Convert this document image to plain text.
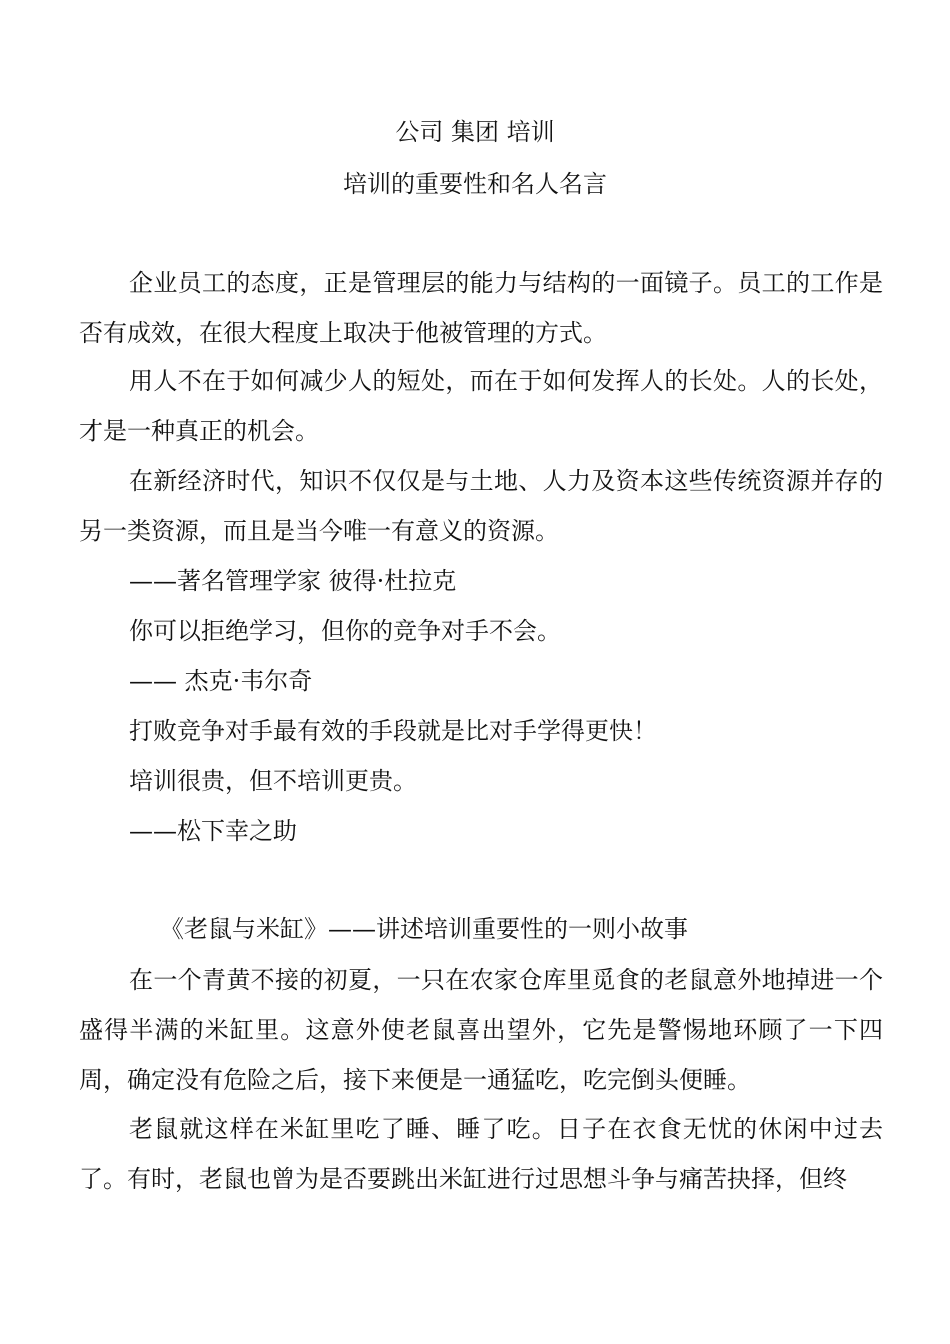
公司 集团 培训
培训的重要性和名人名言

企业员工的态度，正是管理层的能力与结构的一面镜子。员工的工作是否有成效，在很大程度上取决于他被管理的方式。

用人不在于如何减少人的短处，而在于如何发挥人的长处。人的长处，才是一种真正的机会。

在新经济时代，知识不仅仅是与土地、人力及资本这些传统资源并存的另一类资源，而且是当今唯一有意义的资源。

——著名管理学家 彼得·杜拉克

你可以拒绝学习，但你的竞争对手不会。

—— 杰克·韦尔奇

打败竞争对手最有效的手段就是比对手学得更快！

培训很贵，但不培训更贵。

——松下幸之助

《老鼠与米缸》——讲述培训重要性的一则小故事

在一个青黄不接的初夏，一只在农家仓库里觅食的老鼠意外地掉进一个盛得半满的米缸里。这意外使老鼠喜出望外，它先是警惕地环顾了一下四周，确定没有危险之后，接下来便是一通猛吃，吃完倒头便睡。

老鼠就这样在米缸里吃了睡、睡了吃。日子在衣食无忧的休闲中过去了。有时，老鼠也曾为是否要跳出米缸进行过思想斗争与痛苦抉择，但终
